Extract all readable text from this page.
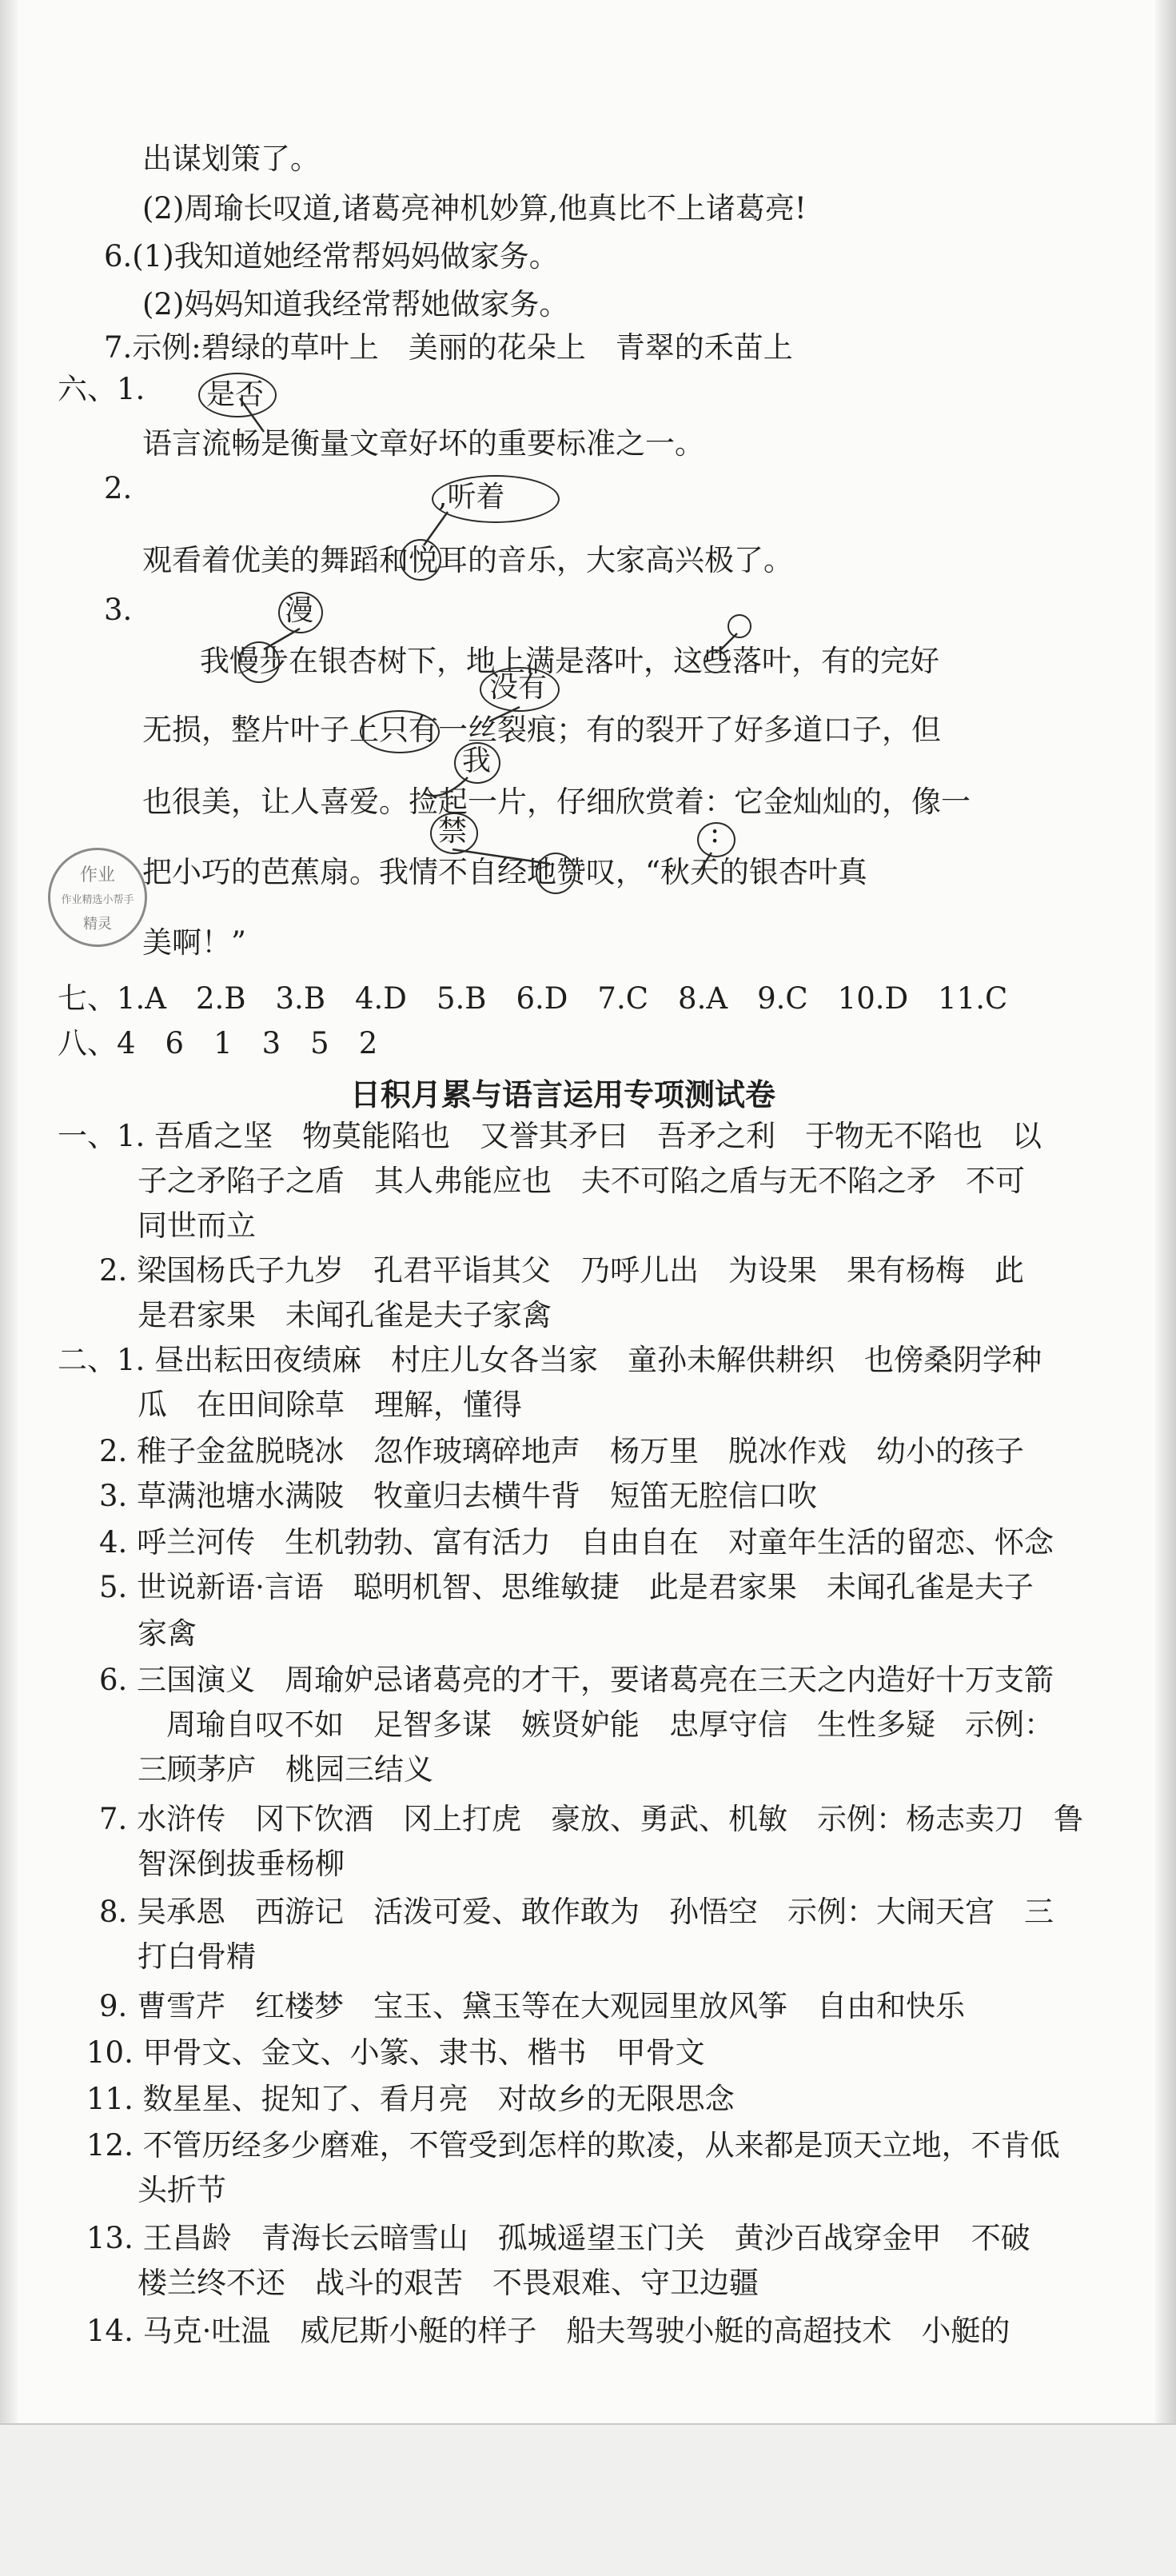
出谋划策了。
(2)周瑜长叹道,诸葛亮神机妙算,他真比不上诸葛亮!
6.(1)我知道她经常帮妈妈做家务。
(2)妈妈知道我经常帮她做家务。
7.示例:碧绿的草叶上　美丽的花朵上　青翠的禾苗上
六、1.
语言流畅是衡量文章好坏的重要标准之一。
是否
2.
观看着优美的舞蹈和悦耳的音乐，大家高兴极了。
,听着
3.
我慢步在银杏树下，地上满是落叶，这些落叶，有的完好
无损，整片叶子上只有一丝裂痕；有的裂开了好多道口子，但
也很美，让人喜爱。捡起一片，仔细欣赏着：它金灿灿的，像一
把小巧的芭蕉扇。我情不自经地赞叹，“秋天的银杏叶真
美啊！”
漫
没有
我
禁	:
作业
作业精选小帮手
精灵
七、1.A　2.B　3.B　4.D　5.B　6.D　7.C　8.A　9.C　10.D　11.C
八、4　6　1　3　5　2
日积月累与语言运用专项测试卷
一、1. 吾盾之坚　物莫能陷也　又誉其矛曰　吾矛之利　于物无不陷也　以
子之矛陷子之盾　其人弗能应也　夫不可陷之盾与无不陷之矛　不可
同世而立
2. 梁国杨氏子九岁　孔君平诣其父　乃呼儿出　为设果　果有杨梅　此
是君家果　未闻孔雀是夫子家禽
二、1. 昼出耘田夜绩麻　村庄儿女各当家　童孙未解供耕织　也傍桑阴学种
瓜　在田间除草　理解，懂得
2. 稚子金盆脱晓冰　忽作玻璃碎地声　杨万里　脱冰作戏　幼小的孩子
3. 草满池塘水满陂　牧童归去横牛背　短笛无腔信口吹
4. 呼兰河传　生机勃勃、富有活力　自由自在　对童年生活的留恋、怀念
5. 世说新语·言语　聪明机智、思维敏捷　此是君家果　未闻孔雀是夫子
家禽
6. 三国演义　周瑜妒忌诸葛亮的才干，要诸葛亮在三天之内造好十万支箭
周瑜自叹不如　足智多谋　嫉贤妒能　忠厚守信　生性多疑　示例：
三顾茅庐　桃园三结义
7. 水浒传　冈下饮酒　冈上打虎　豪放、勇武、机敏　示例：杨志卖刀　鲁
智深倒拔垂杨柳
8. 吴承恩　西游记　活泼可爱、敢作敢为　孙悟空　示例：大闹天宫　三
打白骨精
9. 曹雪芹　红楼梦　宝玉、黛玉等在大观园里放风筝　自由和快乐
10. 甲骨文、金文、小篆、隶书、楷书　甲骨文
11. 数星星、捉知了、看月亮　对故乡的无限思念
12. 不管历经多少磨难，不管受到怎样的欺凌，从来都是顶天立地，不肯低
头折节
13. 王昌龄　青海长云暗雪山　孤城遥望玉门关　黄沙百战穿金甲　不破
楼兰终不还　战斗的艰苦　不畏艰难、守卫边疆
14. 马克·吐温　威尼斯小艇的样子　船夫驾驶小艇的高超技术　小艇的
